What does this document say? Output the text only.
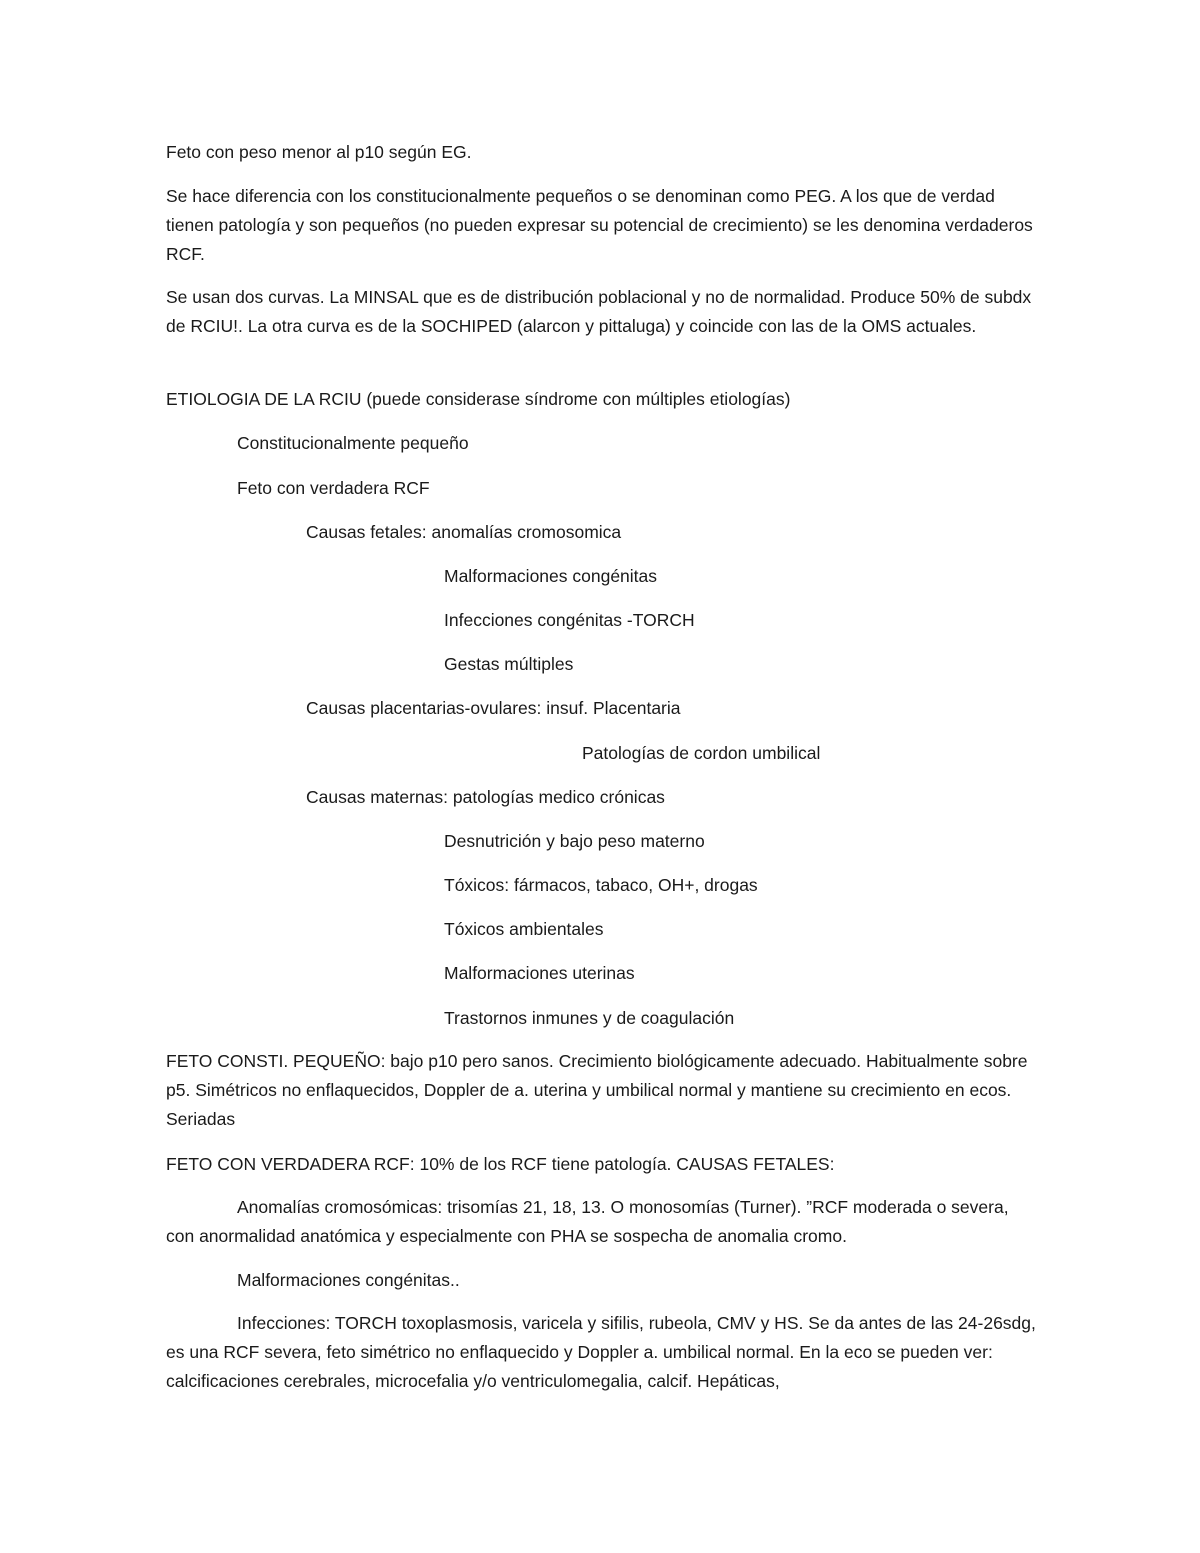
Feto con peso menor al p10 según EG.

Se hace diferencia con los constitucionalmente pequeños o se denominan como PEG. A los que de verdad tienen patología y son pequeños (no pueden expresar su potencial de crecimiento) se les denomina verdaderos RCF.

Se usan dos curvas. La MINSAL que es de distribución poblacional y no de normalidad. Produce 50% de subdx de RCIU!. La otra curva es de la SOCHIPED (alarcon y pittaluga) y coincide con las de la OMS actuales.

ETIOLOGIA DE LA RCIU (puede considerase síndrome con múltiples etiologías)

Constitucionalmente pequeño

Feto con verdadera RCF

Causas fetales: anomalías cromosomica

Malformaciones congénitas

Infecciones congénitas -TORCH

Gestas múltiples

Causas placentarias-ovulares: insuf. Placentaria

Patologías de cordon umbilical

Causas maternas: patologías medico crónicas

Desnutrición y bajo peso materno

Tóxicos: fármacos, tabaco, OH+, drogas

Tóxicos ambientales

Malformaciones uterinas

Trastornos inmunes y de coagulación

FETO CONSTI. PEQUEÑO: bajo p10 pero sanos. Crecimiento biológicamente adecuado. Habitualmente sobre p5. Simétricos no enflaquecidos, Doppler de a. uterina y umbilical normal y mantiene su crecimiento en ecos. Seriadas

FETO CON VERDADERA RCF: 10% de los RCF tiene patología. CAUSAS FETALES:

Anomalías cromosómicas: trisomías 21, 18, 13. O monosomías (Turner). ”RCF moderada o severa, con anormalidad anatómica y especialmente con PHA se sospecha de anomalia cromo.

Malformaciones congénitas..

Infecciones: TORCH toxoplasmosis, varicela y sifilis, rubeola, CMV y HS. Se da antes de las 24-26sdg, es una RCF severa, feto simétrico no enflaquecido y Doppler a. umbilical normal. En la eco se pueden ver: calcificaciones cerebrales, microcefalia y/o ventriculomegalia, calcif. Hepáticas,
